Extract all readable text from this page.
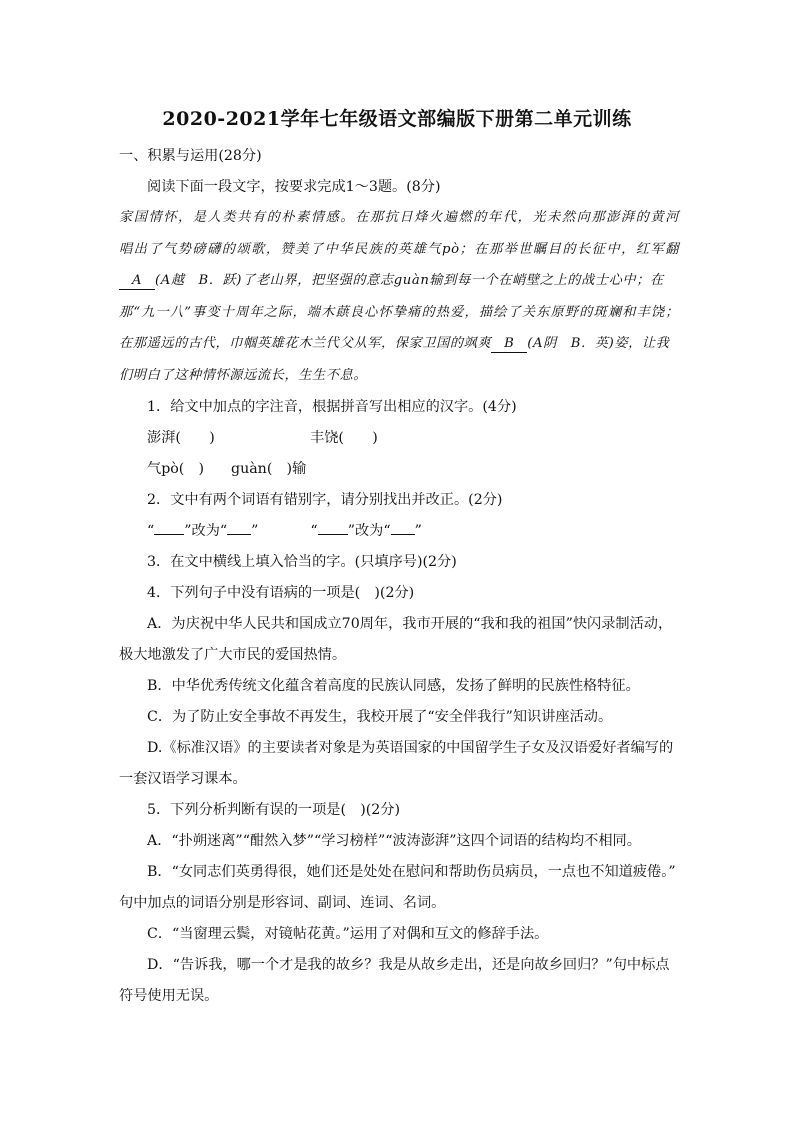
2020-2021学年七年级语文部编版下册第二单元训练
一、积累与运用(28分)
阅读下面一段文字，按要求完成1～3题。(8分)
家国情怀，是人类共有的朴素情感。在那抗日烽火遍燃的年代，光未然向那澎湃的黄河
唱出了气势磅礴的颂歌，赞美了中华民族的英雄气pò；在那举世瞩目的长征中，红军翻
A (A越　B．跃)了老山界，把坚强的意志guàn输到每一个在峭壁之上的战士心中；在
那“九一八”事变十周年之际，端木蕻良心怀挚痛的热爱，描绘了关东原野的斑斓和丰饶；
在那遥远的古代，巾帼英雄花木兰代父从军，保家卫国的飒爽 B (A阴　B．英)姿，让我
们明白了这种情怀源远流长，生生不息。
1．给文中加点的字注音，根据拼音写出相应的汉字。(4分)
澎湃(　　)	丰饶(　　)
气pò(　) guàn(　)输
2．文中有两个词语有错别字，请分别找出并改正。(2分)
“ ”改为“ ”	“ ”改为“ ”
3．在文中横线上填入恰当的字。(只填序号)(2分)
4．下列句子中没有语病的一项是(　)(2分)
A．为庆祝中华人民共和国成立70周年，我市开展的“我和我的祖国”快闪录制活动，
极大地激发了广大市民的爱国热情。
B．中华优秀传统文化蕴含着高度的民族认同感，发扬了鲜明的民族性格特征。
C．为了防止安全事故不再发生，我校开展了“安全伴我行”知识讲座活动。
D.《标准汉语》的主要读者对象是为英语国家的中国留学生子女及汉语爱好者编写的
一套汉语学习课本。
5．下列分析判断有误的一项是(　)(2分)
A．“扑朔迷离”“酣然入梦”“学习榜样”“波涛澎湃”这四个词语的结构均不相同。
B．“女同志们英勇得很，她们还是处处在慰问和帮助伤员病员，一点也不知道疲倦。”
句中加点的词语分别是形容词、副词、连词、名词。
C．“当窗理云鬓，对镜帖花黄。”运用了对偶和互文的修辞手法。
D．“告诉我，哪一个才是我的故乡？我是从故乡走出，还是向故乡回归？”句中标点
符号使用无误。
